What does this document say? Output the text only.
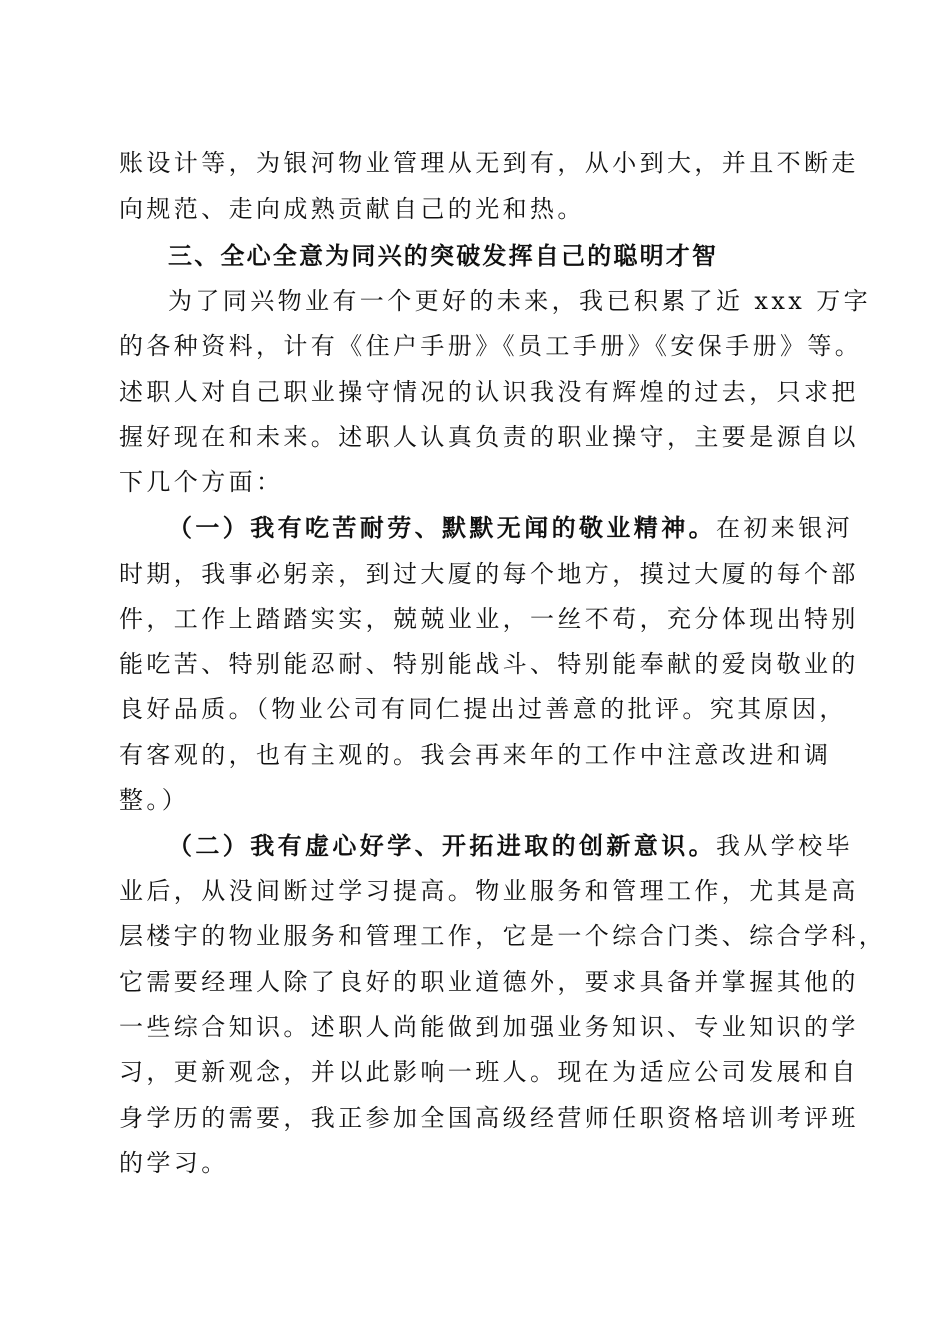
账设计等，为银河物业管理从无到有，从小到大，并且不断走
向规范、走向成熟贡献自己的光和热。
三、全心全意为同兴的突破发挥自己的聪明才智
为了同兴物业有一个更好的未来，我已积累了近 xxx 万字
的各种资料，计有《住户手册》《员工手册》《安保手册》等。
述职人对自己职业操守情况的认识我没有辉煌的过去，只求把
握好现在和未来。述职人认真负责的职业操守，主要是源自以
下几个方面：
（一）我有吃苦耐劳、默默无闻的敬业精神。在初来银河
时期，我事必躬亲，到过大厦的每个地方，摸过大厦的每个部
件，工作上踏踏实实，兢兢业业，一丝不苟，充分体现出特别
能吃苦、特别能忍耐、特别能战斗、特别能奉献的爱岗敬业的
良好品质。（物业公司有同仁提出过善意的批评。究其原因，
有客观的，也有主观的。我会再来年的工作中注意改进和调
整。）
（二）我有虚心好学、开拓进取的创新意识。我从学校毕
业后，从没间断过学习提高。物业服务和管理工作，尤其是高
层楼宇的物业服务和管理工作，它是一个综合门类、综合学科，
它需要经理人除了良好的职业道德外，要求具备并掌握其他的
一些综合知识。述职人尚能做到加强业务知识、专业知识的学
习，更新观念，并以此影响一班人。现在为适应公司发展和自
身学历的需要，我正参加全国高级经营师任职资格培训考评班
的学习。
